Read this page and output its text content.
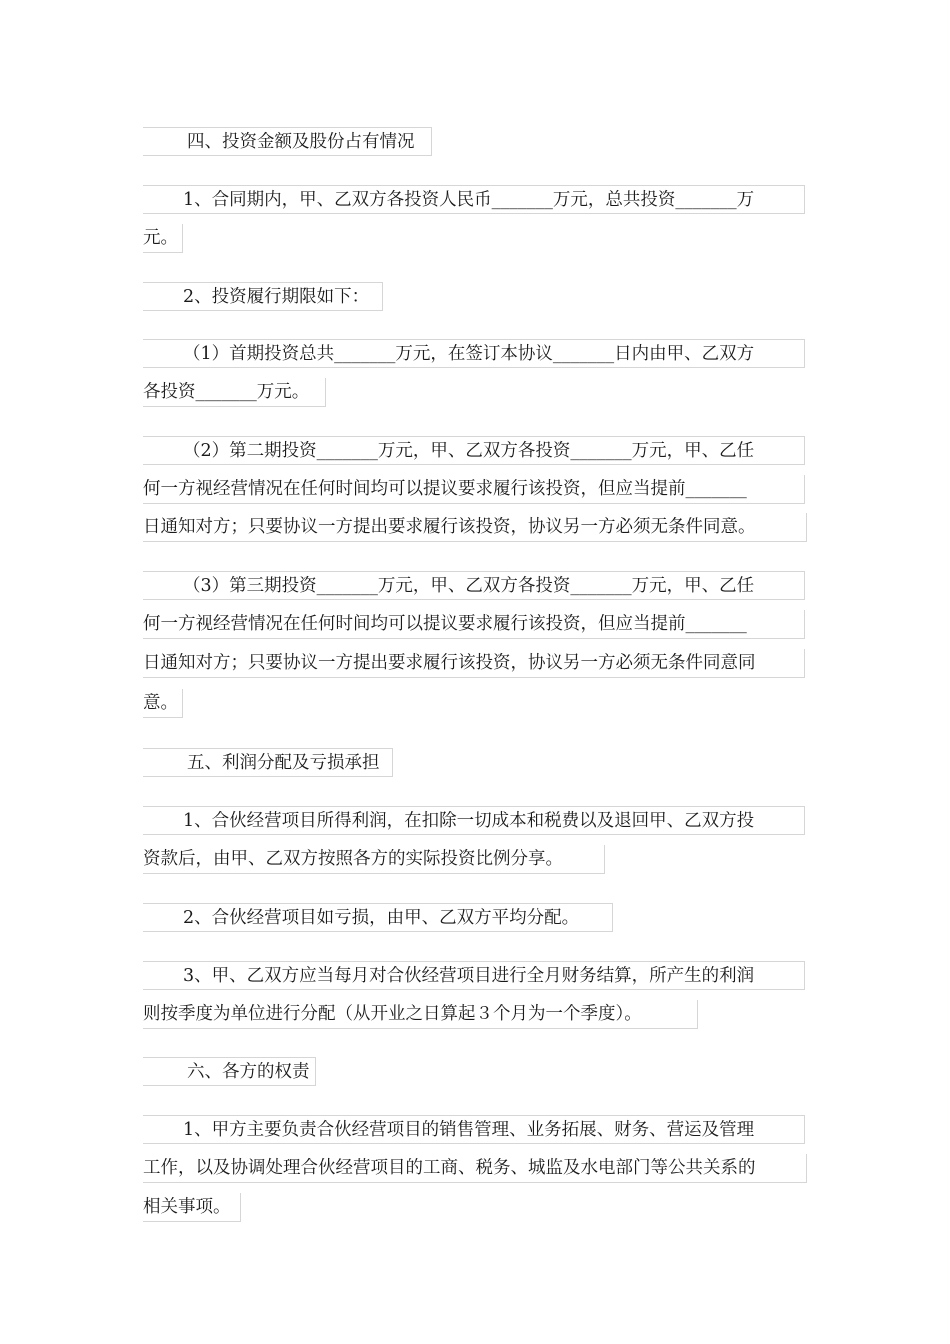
四、投资金额及股份占有情况
1、合同期内，甲、乙双方各投资人民币_______万元，总共投资_______万
元。
2、投资履行期限如下：
（1）首期投资总共_______万元，在签订本协议_______日内由甲、乙双方
各投资_______万元。
（2）第二期投资_______万元，甲、乙双方各投资_______万元，甲、乙任
何一方视经营情况在任何时间均可以提议要求履行该投资，但应当提前_______
日通知对方；只要协议一方提出要求履行该投资，协议另一方必须无条件同意。
（3）第三期投资_______万元，甲、乙双方各投资_______万元，甲、乙任
何一方视经营情况在任何时间均可以提议要求履行该投资，但应当提前_______
日通知对方；只要协议一方提出要求履行该投资，协议另一方必须无条件同意同
意。
五、利润分配及亏损承担
1、合伙经营项目所得利润，在扣除一切成本和税费以及退回甲、乙双方投
资款后，由甲、乙双方按照各方的实际投资比例分享。
2、合伙经营项目如亏损，由甲、乙双方平均分配。
3、甲、乙双方应当每月对合伙经营项目进行全月财务结算，所产生的利润
则按季度为单位进行分配（从开业之日算起３个月为一个季度）。
六、各方的权责
1、甲方主要负责合伙经营项目的销售管理、业务拓展、财务、营运及管理
工作，以及协调处理合伙经营项目的工商、税务、城监及水电部门等公共关系的
相关事项。
